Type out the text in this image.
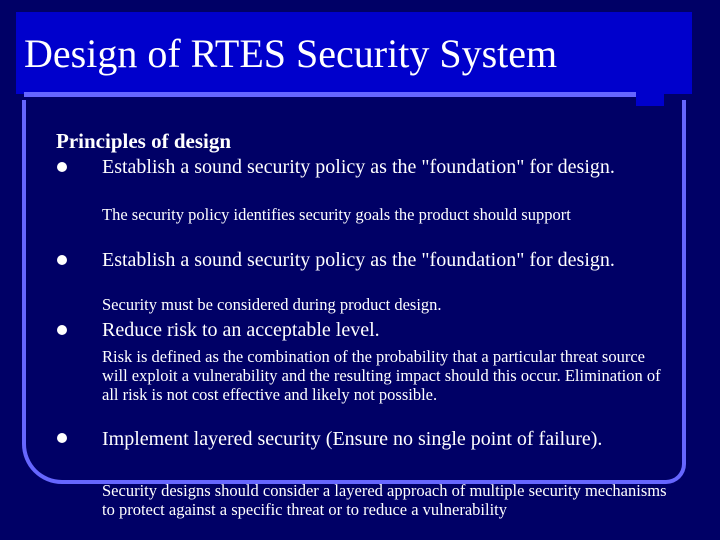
Design of RTES Security System
Principles of design
Establish a sound security policy as the "foundation" for design.
The security policy identifies security goals the product should support
Establish a sound security policy as the "foundation" for design.
Security must be considered during product design.
Reduce risk to an acceptable level.
Risk is defined as the combination of the probability that a particular threat source will exploit a vulnerability and the resulting impact should this occur. Elimination of all risk is not cost effective and likely not possible.
Implement layered security (Ensure no single point of failure).
Security designs should consider a layered approach of multiple security mechanisms to protect against a specific threat or to reduce a vulnerability
